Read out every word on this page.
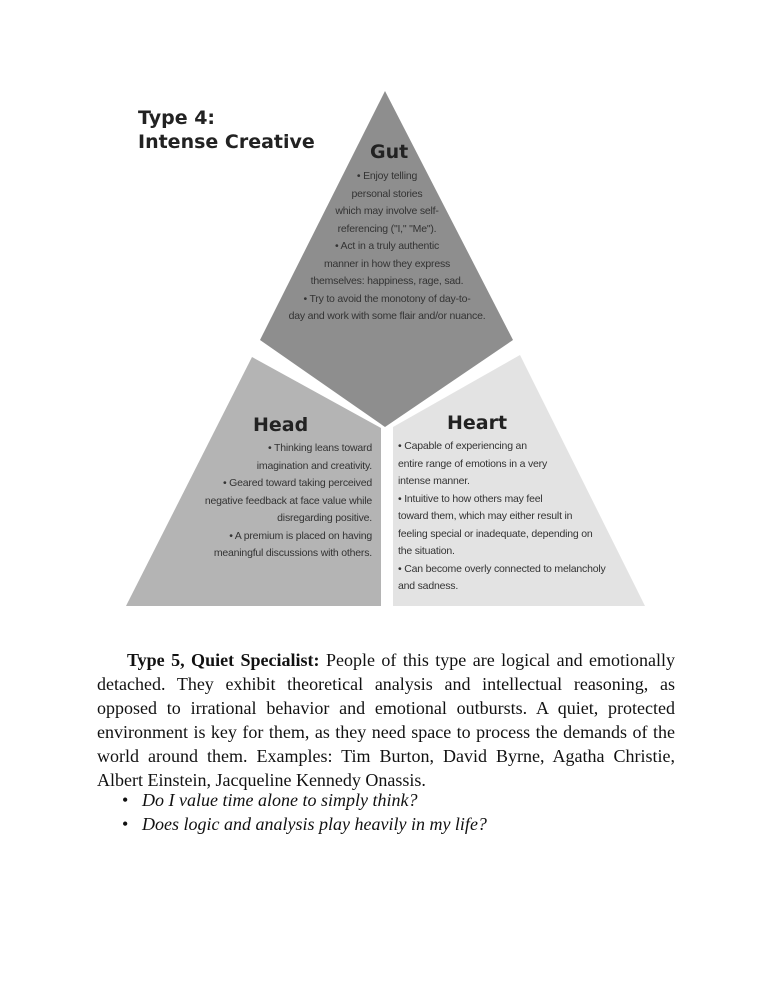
Type 4:
Intense Creative	Gut
• Enjoy telling
personal stories
which may involve self-
referencing ("I," "Me").
• Act in a truly authentic
manner in how they express
themselves: happiness, rage, sad.
• Try to avoid the monotony of day-to-
day and work with some flair and/or nuance.
Head
• Thinking leans toward
imagination and creativity.
• Geared toward taking perceived
negative feedback at face value while
disregarding positive.
• A premium is placed on having
meaningful discussions with others.
Heart
• Capable of experiencing an
entire range of emotions in a very
intense manner.
• Intuitive to how others may feel
toward them, which may either result in
feeling special or inadequate, depending on
the situation.
• Can become overly connected to melancholy
and sadness.

Type 5, Quiet Specialist: People of this type are logical and emotionally detached. They exhibit theoretical analysis and intellectual reasoning, as opposed to irrational behavior and emotional outbursts. A quiet, protected environment is key for them, as they need space to process the demands of the world around them. Examples: Tim Burton, David Byrne, Agatha Christie, Albert Einstein, Jacqueline Kennedy Onassis.

• Do I value time alone to simply think?
• Does logic and analysis play heavily in my life?
